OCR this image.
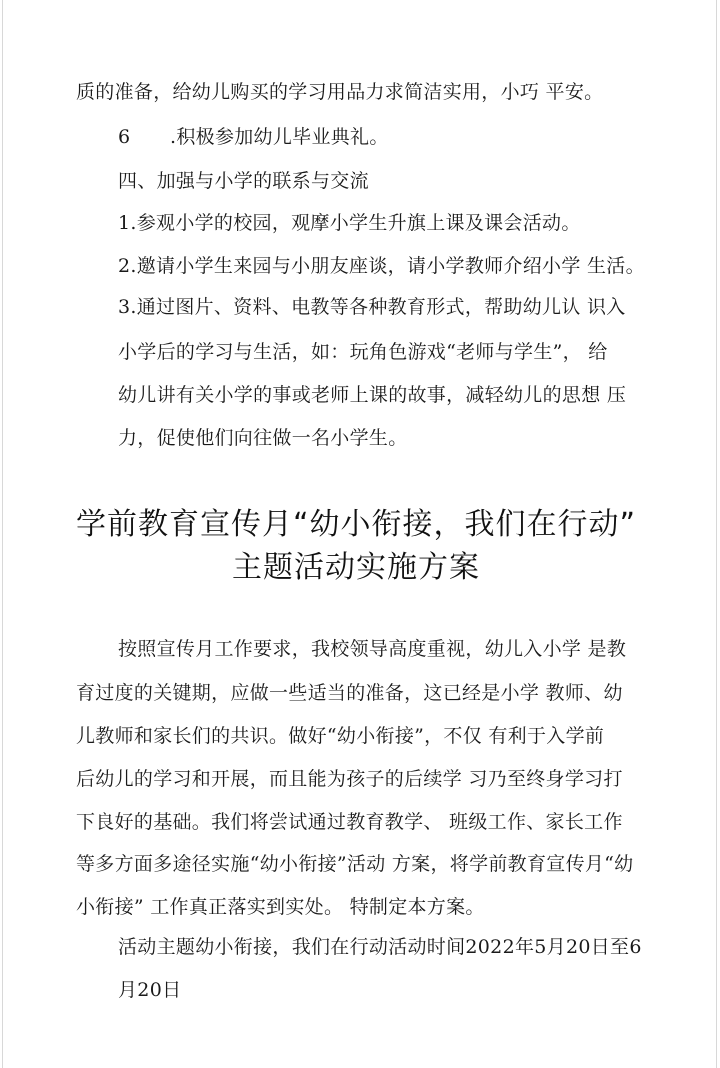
质的准备，给幼儿购买的学习用品力求简洁实用，小巧 平安。
6 .积极参加幼儿毕业典礼。
四、加强与小学的联系与交流
1.参观小学的校园，观摩小学生升旗上课及课会活动。
2.邀请小学生来园与小朋友座谈，请小学教师介绍小学 生活。
3.通过图片、资料、电教等各种教育形式，帮助幼儿认 识入
小学后的学习与生活，如：玩角色游戏“老师与学生”， 给
幼儿讲有关小学的事或老师上课的故事，减轻幼儿的思想 压
力，促使他们向往做一名小学生。
学前教育宣传月“幼小衔接，我们在行动”
主题活动实施方案
按照宣传月工作要求，我校领导高度重视，幼儿入小学 是教
育过度的关键期，应做一些适当的准备，这已经是小学 教师、幼
儿教师和家长们的共识。做好“幼小衔接”，不仅 有利于入学前
后幼儿的学习和开展，而且能为孩子的后续学 习乃至终身学习打
下良好的基础。我们将尝试通过教育教学、 班级工作、家长工作
等多方面多途径实施“幼小衔接”活动 方案，将学前教育宣传月“幼
小衔接” 工作真正落实到实处。 特制定本方案。
活动主题幼小衔接，我们在行动活动时间2022年5月20日至6
月20日
